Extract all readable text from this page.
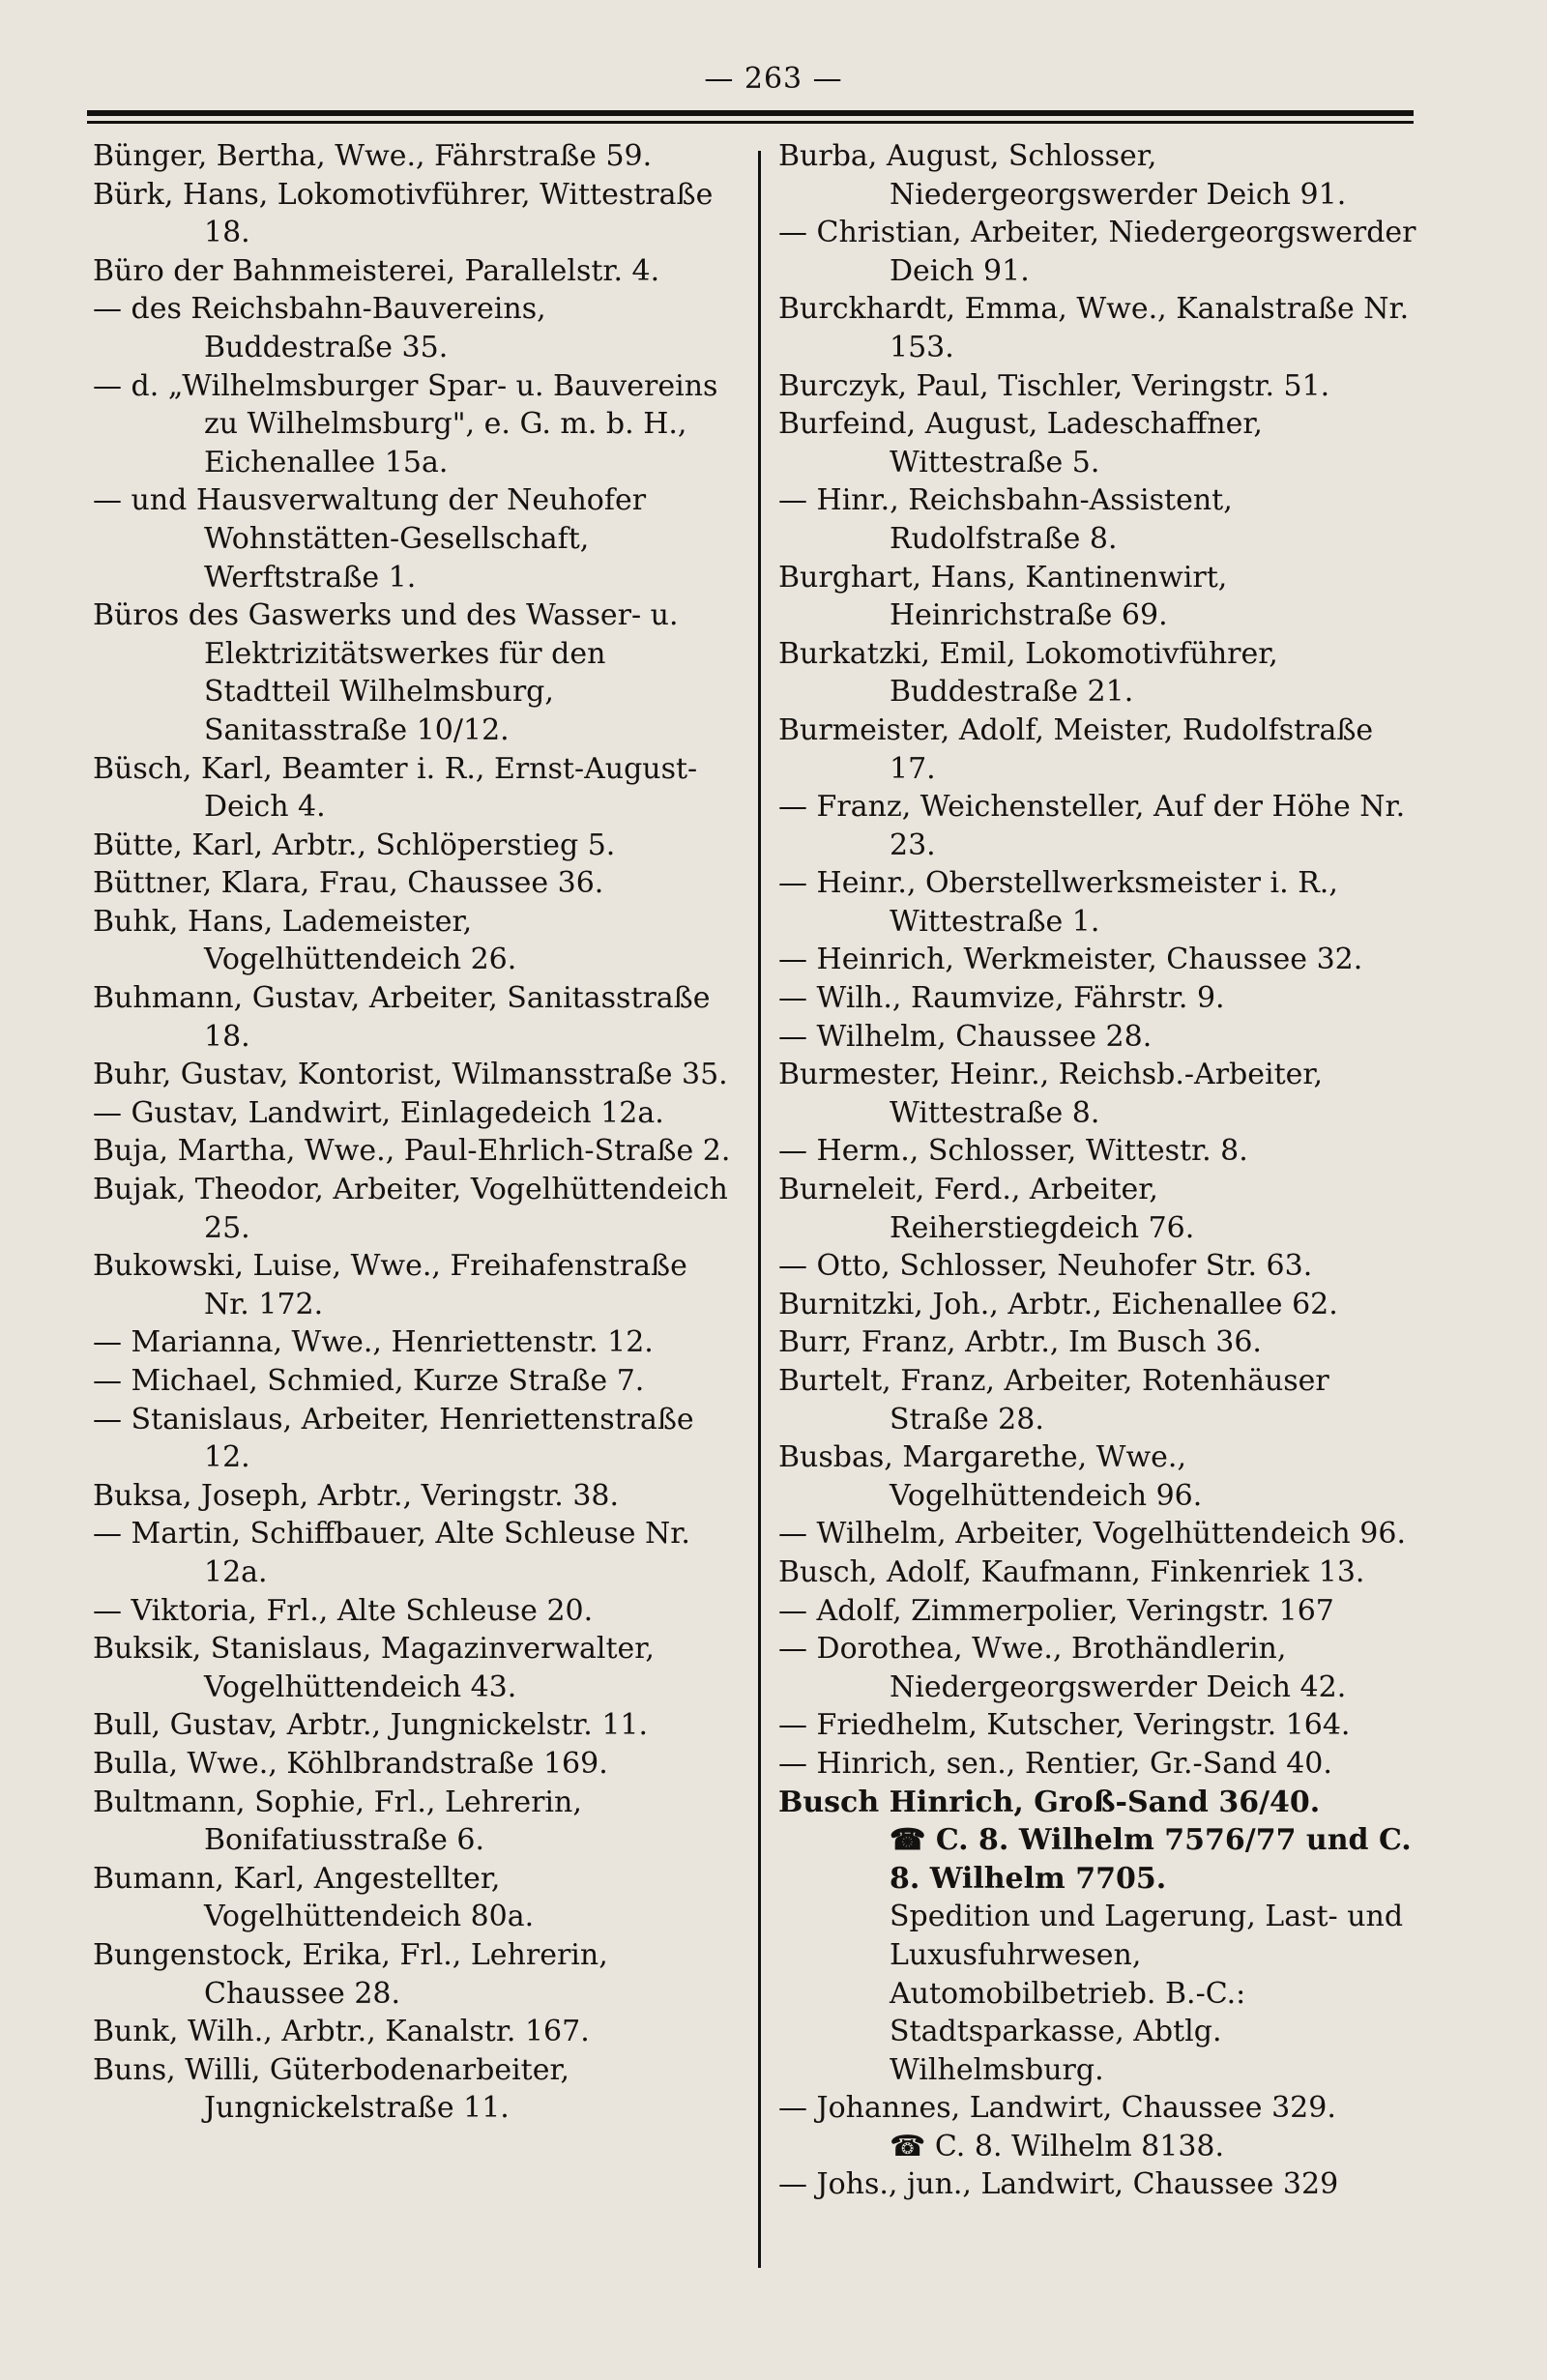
— 263 —
Bünger, Bertha, Wwe., Fährstraße 59.
Bürk, Hans, Lokomotivführer, Wittestraße 18.
Büro der Bahnmeisterei, Parallelstr. 4.
— des Reichsbahn-Bauvereins, Buddestraße 35.
— d. „Wilhelmsburger Spar- u. Bauvereins zu Wilhelmsburg", e. G. m. b. H., Eichenallee 15a.
— und Hausverwaltung der Neuhofer Wohnstätten-Gesellschaft, Werftstraße 1.
Büros des Gaswerks und des Wasser- u. Elektrizitätswerkes für den Stadtteil Wilhelmsburg, Sanitasstraße 10/12.
Büsch, Karl, Beamter i. R., Ernst-August-Deich 4.
Bütte, Karl, Arbtr., Schlöperstieg 5.
Büttner, Klara, Frau, Chaussee 36.
Buhk, Hans, Lademeister, Vogelhüttendeich 26.
Buhmann, Gustav, Arbeiter, Sanitasstraße 18.
Buhr, Gustav, Kontorist, Wilmansstraße 35.
— Gustav, Landwirt, Einlagedeich 12a.
Buja, Martha, Wwe., Paul-Ehrlich-Straße 2.
Bujak, Theodor, Arbeiter, Vogelhüttendeich 25.
Bukowski, Luise, Wwe., Freihafenstraße Nr. 172.
— Marianna, Wwe., Henriettenstr. 12.
— Michael, Schmied, Kurze Straße 7.
— Stanislaus, Arbeiter, Henriettenstraße 12.
Buksa, Joseph, Arbtr., Veringstr. 38.
— Martin, Schiffbauer, Alte Schleuse Nr. 12a.
— Viktoria, Frl., Alte Schleuse 20.
Buksik, Stanislaus, Magazinverwalter, Vogelhüttendeich 43.
Bull, Gustav, Arbtr., Jungnickelstr. 11.
Bulla, Wwe., Köhlbrandstraße 169.
Bultmann, Sophie, Frl., Lehrerin, Bonifatiusstraße 6.
Bumann, Karl, Angestellter, Vogelhüttendeich 80a.
Bungenstock, Erika, Frl., Lehrerin, Chaussee 28.
Bunk, Wilh., Arbtr., Kanalstr. 167.
Buns, Willi, Güterbodenarbeiter, Jungnickelstraße 11.
Burba, August, Schlosser, Niedergeorgswerder Deich 91.
— Christian, Arbeiter, Niedergeorgswerder Deich 91.
Burckhardt, Emma, Wwe., Kanalstraße Nr. 153.
Burczyk, Paul, Tischler, Veringstr. 51.
Burfeind, August, Ladeschaffner, Wittestraße 5.
— Hinr., Reichsbahn-Assistent, Rudolfstraße 8.
Burghart, Hans, Kantinenwirt, Heinrichstraße 69.
Burkatzki, Emil, Lokomotivführer, Buddestraße 21.
Burmeister, Adolf, Meister, Rudolfstraße 17.
— Franz, Weichensteller, Auf der Höhe Nr. 23.
— Heinr., Oberstellwerksmeister i. R., Wittestraße 1.
— Heinrich, Werkmeister, Chaussee 32.
— Wilh., Raumvize, Fährstr. 9.
— Wilhelm, Chaussee 28.
Burmester, Heinr., Reichsb.-Arbeiter, Wittestraße 8.
— Herm., Schlosser, Wittestr. 8.
Burneleit, Ferd., Arbeiter, Reiherstiegdeich 76.
— Otto, Schlosser, Neuhofer Str. 63.
Burnitzki, Joh., Arbtr., Eichenallee 62.
Burr, Franz, Arbtr., Im Busch 36.
Burtelt, Franz, Arbeiter, Rotenhäuser Straße 28.
Busbas, Margarethe, Wwe., Vogelhüttendeich 96.
— Wilhelm, Arbeiter, Vogelhüttendeich 96.
Busch, Adolf, Kaufmann, Finkenriek 13.
— Adolf, Zimmerpolier, Veringstr. 167
— Dorothea, Wwe., Brothändlerin, Niedergeorgswerder Deich 42.
— Friedhelm, Kutscher, Veringstr. 164.
— Hinrich, sen., Rentier, Gr.-Sand 40.
Busch Hinrich, Groß-Sand 36/40.
☎ C. 8. Wilhelm 7576/77 und C. 8. Wilhelm 7705.
Spedition und Lagerung, Last- und Luxusfuhrwesen, Automobilbetrieb. B.-C.: Stadtsparkasse, Abtlg. Wilhelmsburg.
— Johannes, Landwirt, Chaussee 329.
☎ C. 8. Wilhelm 8138.
— Johs., jun., Landwirt, Chaussee 329
